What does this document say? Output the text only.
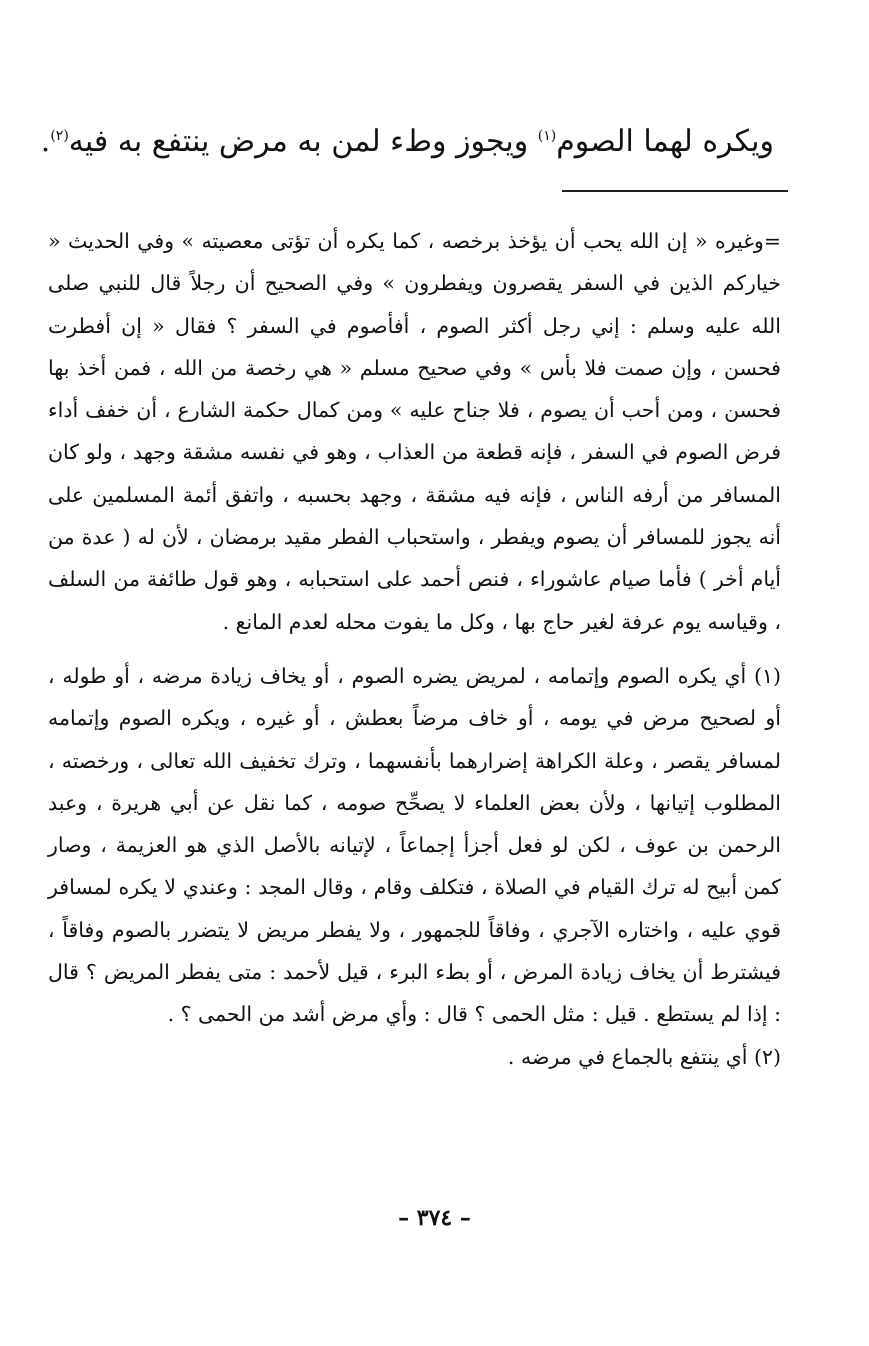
ويكره لهما الصوم$^{(١)}$ ويجوز وطء لمن به مرض ينتفع به فيه$^{(٢)}$.

=وغيره « إن الله يحب أن يؤخذ برخصه ، كما يكره أن تؤتى معصيته » وفي الحديث « خياركم الذين في السفر يقصرون ويفطرون » وفي الصحيح أن رجلاً قال للنبي صلى الله عليه وسلم : إني رجل أكثر الصوم ، أفأصوم في السفر ؟ فقال « إن أفطرت فحسن ، وإن صمت فلا بأس » وفي صحيح مسلم « هي رخصة من الله ، فمن أخذ بها فحسن ، ومن أحب أن يصوم ، فلا جناح عليه » ومن كمال حكمة الشارع ، أن خفف أداء فرض الصوم في السفر ، فإنه قطعة من العذاب ، وهو في نفسه مشقة وجهد ، ولو كان المسافر من أرفه الناس ، فإنه فيه مشقة ، وجهد بحسبه ، واتفق أئمة المسلمين على أنه يجوز للمسافر أن يصوم ويفطر ، واستحباب الفطر مقيد برمضان ، لأن له ( عدة من أيام أخر ) فأما صيام عاشوراء ، فنص أحمد على استحبابه ، وهو قول طائفة من السلف ، وقياسه يوم عرفة لغير حاج بها ، وكل ما يفوت محله لعدم المانع .

(١) أي يكره الصوم وإتمامه ، لمريض يضره الصوم ، أو يخاف زيادة مرضه ، أو طوله ، أو لصحيح مرض في يومه ، أو خاف مرضاً بعطش ، أو غيره ، ويكره الصوم وإتمامه لمسافر يقصر ، وعلة الكراهة إضرارهما بأنفسهما ، وترك تخفيف الله تعالى ، ورخصته ، المطلوب إتيانها ، ولأن بعض العلماء لا يصحِّح صومه ، كما نقل عن أبي هريرة ، وعبد الرحمن بن عوف ، لكن لو فعل أجزأ إجماعاً ، لإتيانه بالأصل الذي هو العزيمة ، وصار كمن أبيح له ترك القيام في الصلاة ، فتكلف وقام ، وقال المجد : وعندي لا يكره لمسافر قوي عليه ، واختاره الآجري ، وفاقاً للجمهور ، ولا يفطر مريض لا يتضرر بالصوم وفاقاً ، فيشترط أن يخاف زيادة المرض ، أو بطء البرء ، قيل لأحمد : متى يفطر المريض ؟ قال : إذا لم يستطع . قيل : مثل الحمى ؟ قال : وأي مرض أشد من الحمى ؟ .

(٢) أي ينتفع بالجماع في مرضه .

– ٣٧٤ –
